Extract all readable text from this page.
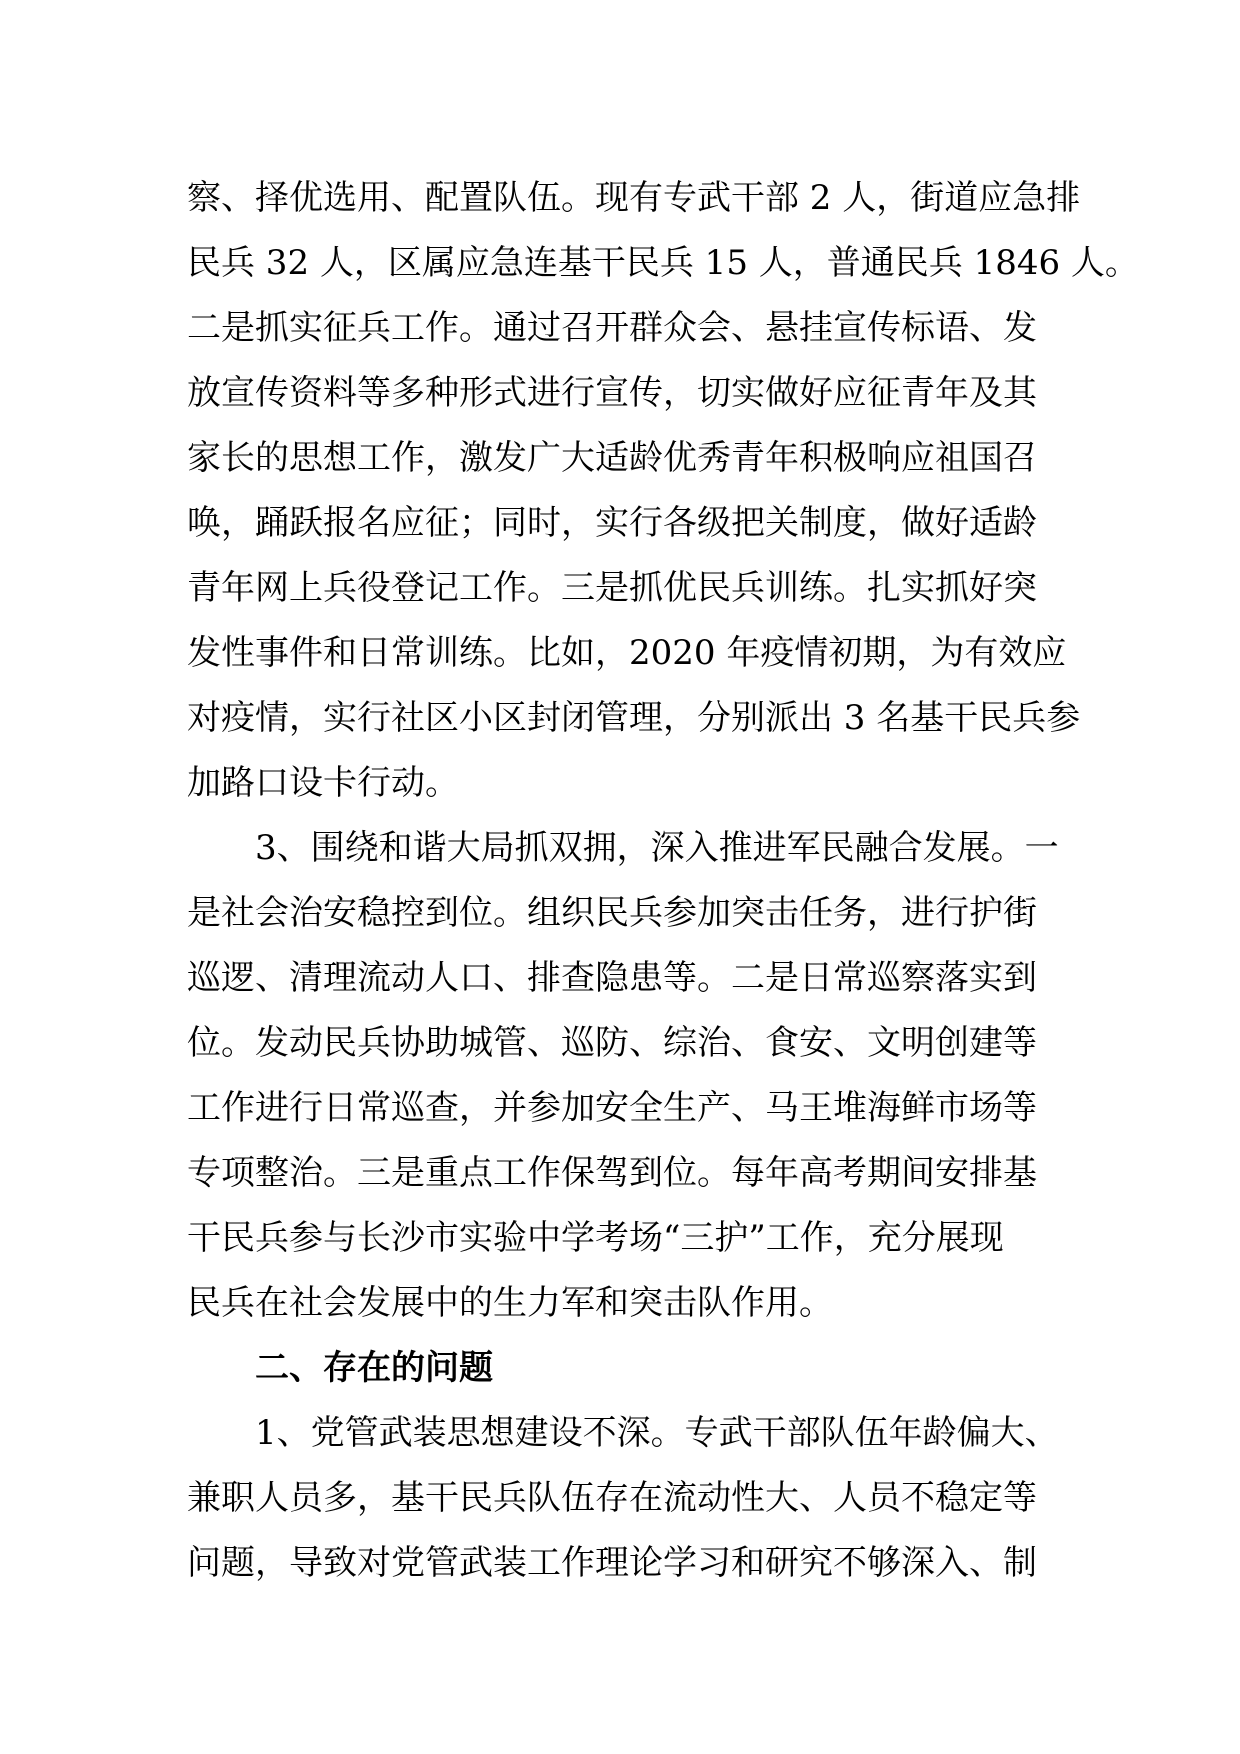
察、择优选用、配置队伍。现有专武干部 2 人，街道应急排
民兵 32 人，区属应急连基干民兵 15 人，普通民兵 1846 人。
二是抓实征兵工作。通过召开群众会、悬挂宣传标语、发
放宣传资料等多种形式进行宣传，切实做好应征青年及其
家长的思想工作，激发广大适龄优秀青年积极响应祖国召
唤，踊跃报名应征；同时，实行各级把关制度，做好适龄
青年网上兵役登记工作。三是抓优民兵训练。扎实抓好突
发性事件和日常训练。比如，2020 年疫情初期，为有效应
对疫情，实行社区小区封闭管理，分别派出 3 名基干民兵参
加路口设卡行动。
3、围绕和谐大局抓双拥，深入推进军民融合发展。一
是社会治安稳控到位。组织民兵参加突击任务，进行护街
巡逻、清理流动人口、排查隐患等。二是日常巡察落实到
位。发动民兵协助城管、巡防、综治、食安、文明创建等
工作进行日常巡查，并参加安全生产、马王堆海鲜市场等
专项整治。三是重点工作保驾到位。每年高考期间安排基
干民兵参与长沙市实验中学考场“三护”工作，充分展现
民兵在社会发展中的生力军和突击队作用。
二、存在的问题
1、党管武装思想建设不深。专武干部队伍年龄偏大、
兼职人员多，基干民兵队伍存在流动性大、人员不稳定等
问题，导致对党管武装工作理论学习和研究不够深入、制
